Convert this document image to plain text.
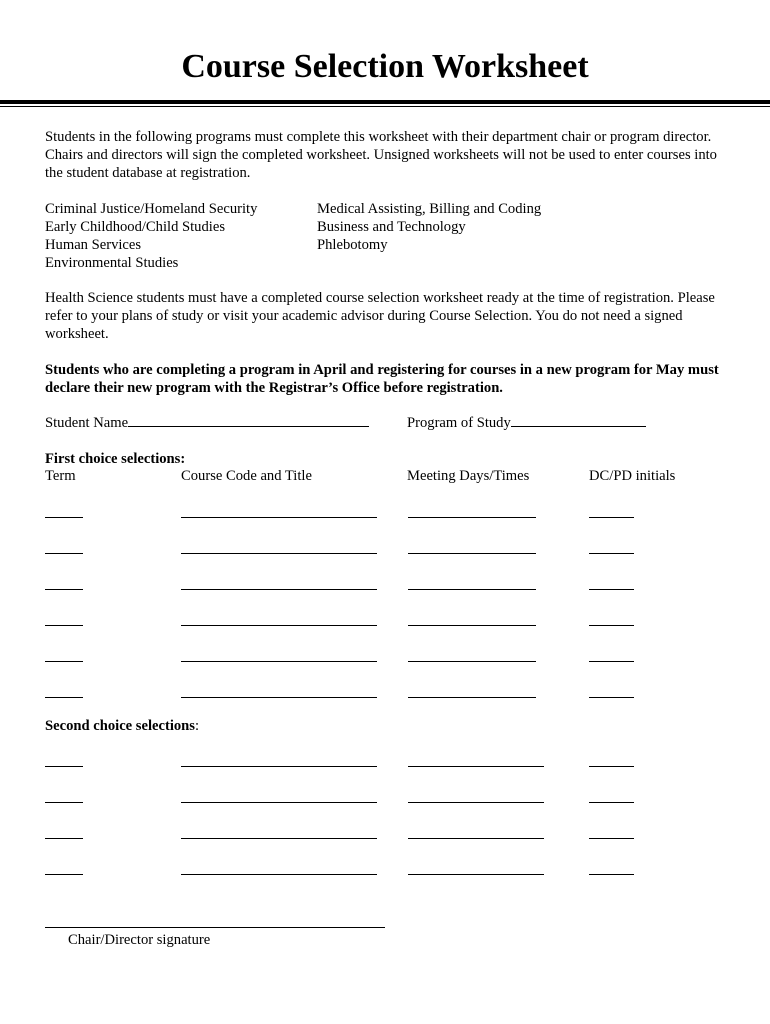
Course Selection Worksheet
Students in the following programs must complete this worksheet with their department chair or program director. Chairs and directors will sign the completed worksheet. Unsigned worksheets will not be used to enter courses into the student database at registration.
Criminal Justice/Homeland Security
Early Childhood/Child Studies
Human Services
Environmental Studies
Medical Assisting, Billing and Coding
Business and Technology
Phlebotomy
Health Science students must have a completed course selection worksheet ready at the time of registration. Please refer to your plans of study or visit your academic advisor during Course Selection. You do not need a signed worksheet.
Students who are completing a program in April and registering for courses in a new program for May must declare their new program with the Registrar’s Office before registration.
Student Name	Program of Study
First choice selections:
Term	Course Code and Title	Meeting Days/Times	DC/PD initials
Second choice selections:
Chair/Director signature
